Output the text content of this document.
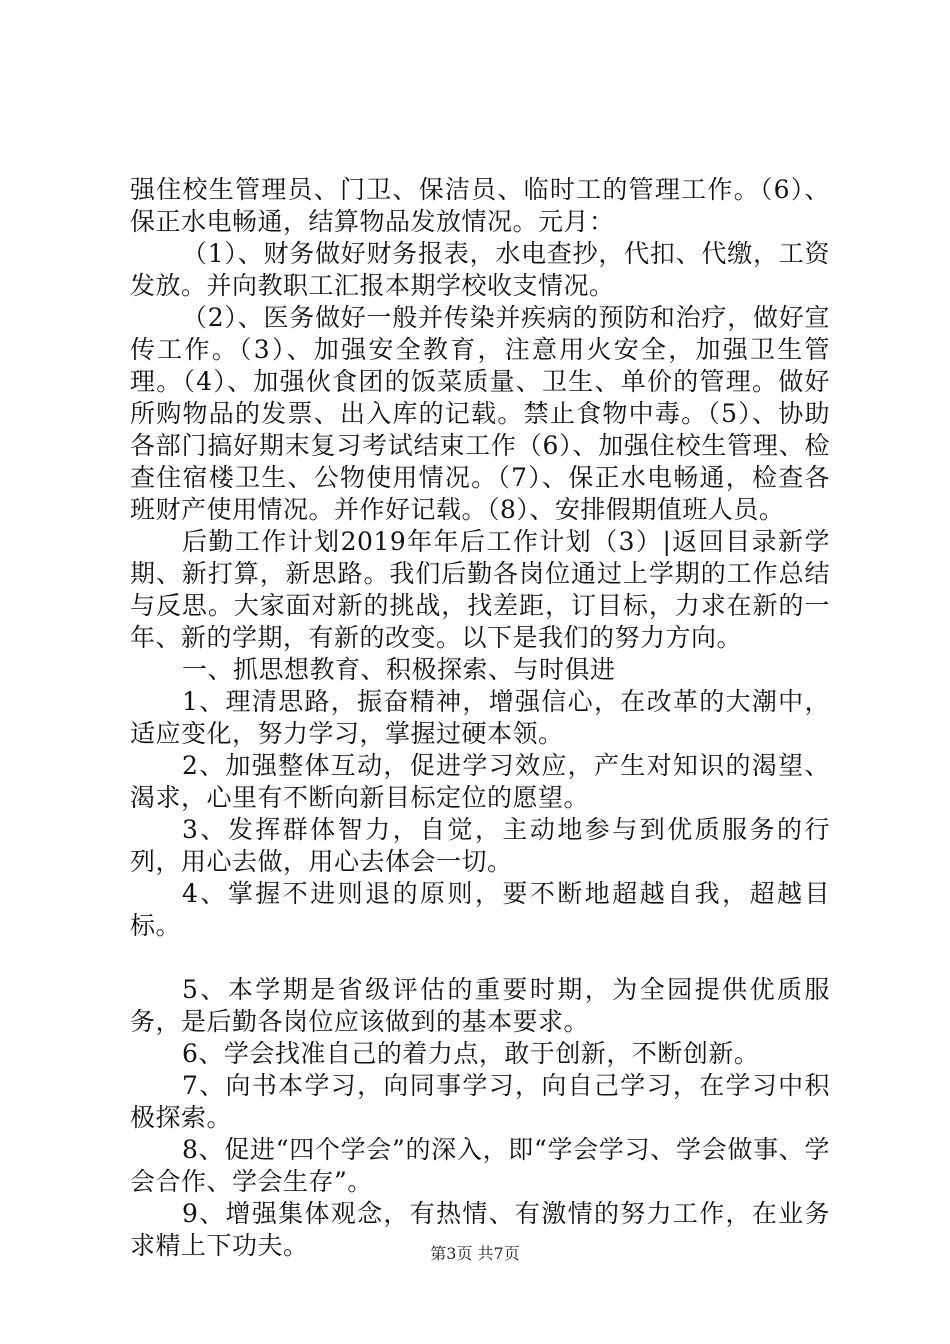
强住校生管理员、门卫、保洁员、临时工的管理工作。（6）、保正水电畅通，结算物品发放情况。元月：

（1）、财务做好财务报表，水电查抄，代扣、代缴，工资发放。并向教职工汇报本期学校收支情况。

（2）、医务做好一般并传染并疾病的预防和治疗，做好宣传工作。（3）、加强安全教育，注意用火安全，加强卫生管理。（4）、加强伙食团的饭菜质量、卫生、单价的管理。做好所购物品的发票、出入库的记载。禁止食物中毒。（5）、协助各部门搞好期末复习考试结束工作（6）、加强住校生管理、检查住宿楼卫生、公物使用情况。（7）、保正水电畅通，检查各班财产使用情况。并作好记载。（8）、安排假期值班人员。

后勤工作计划2019年年后工作计划（3）|返回目录新学期、新打算，新思路。我们后勤各岗位通过上学期的工作总结与反思。大家面对新的挑战，找差距，订目标，力求在新的一年、新的学期，有新的改变。以下是我们的努力方向。

一、抓思想教育、积极探索、与时俱进

1、理清思路，振奋精神，增强信心，在改革的大潮中，适应变化，努力学习，掌握过硬本领。

2、加强整体互动，促进学习效应，产生对知识的渴望、渴求，心里有不断向新目标定位的愿望。

3、发挥群体智力，自觉，主动地参与到优质服务的行列，用心去做，用心去体会一切。

4、掌握不进则退的原则，要不断地超越自我，超越目标。

5、本学期是省级评估的重要时期，为全园提供优质服务，是后勤各岗位应该做到的基本要求。

6、学会找准自己的着力点，敢于创新，不断创新。

7、向书本学习，向同事学习，向自己学习，在学习中积极探索。

8、促进“四个学会”的深入，即“学会学习、学会做事、学会合作、学会生存”。

9、增强集体观念，有热情、有激情的努力工作，在业务求精上下功夫。	第3页 共7页
